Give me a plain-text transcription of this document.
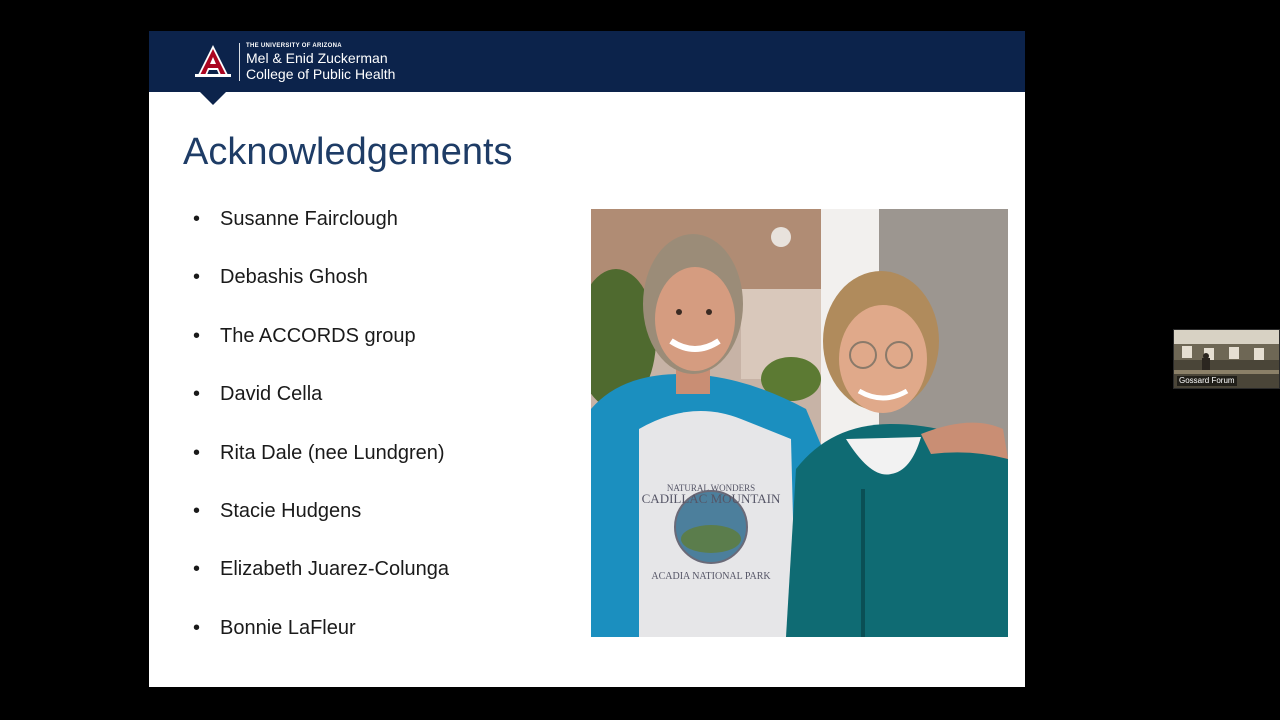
THE UNIVERSITY OF ARIZONA
Mel & Enid Zuckerman
College of Public Health
Acknowledgements
• Susanne Fairclough
• Debashis Ghosh
• The ACCORDS group
• David Cella
• Rita Dale (nee Lundgren)
• Stacie Hudgens
• Elizabeth Juarez-Colunga
• Bonnie LaFleur
NATURAL WONDERS
CADILLAC MOUNTAIN
ACADIA NATIONAL PARK
Gossard Forum
